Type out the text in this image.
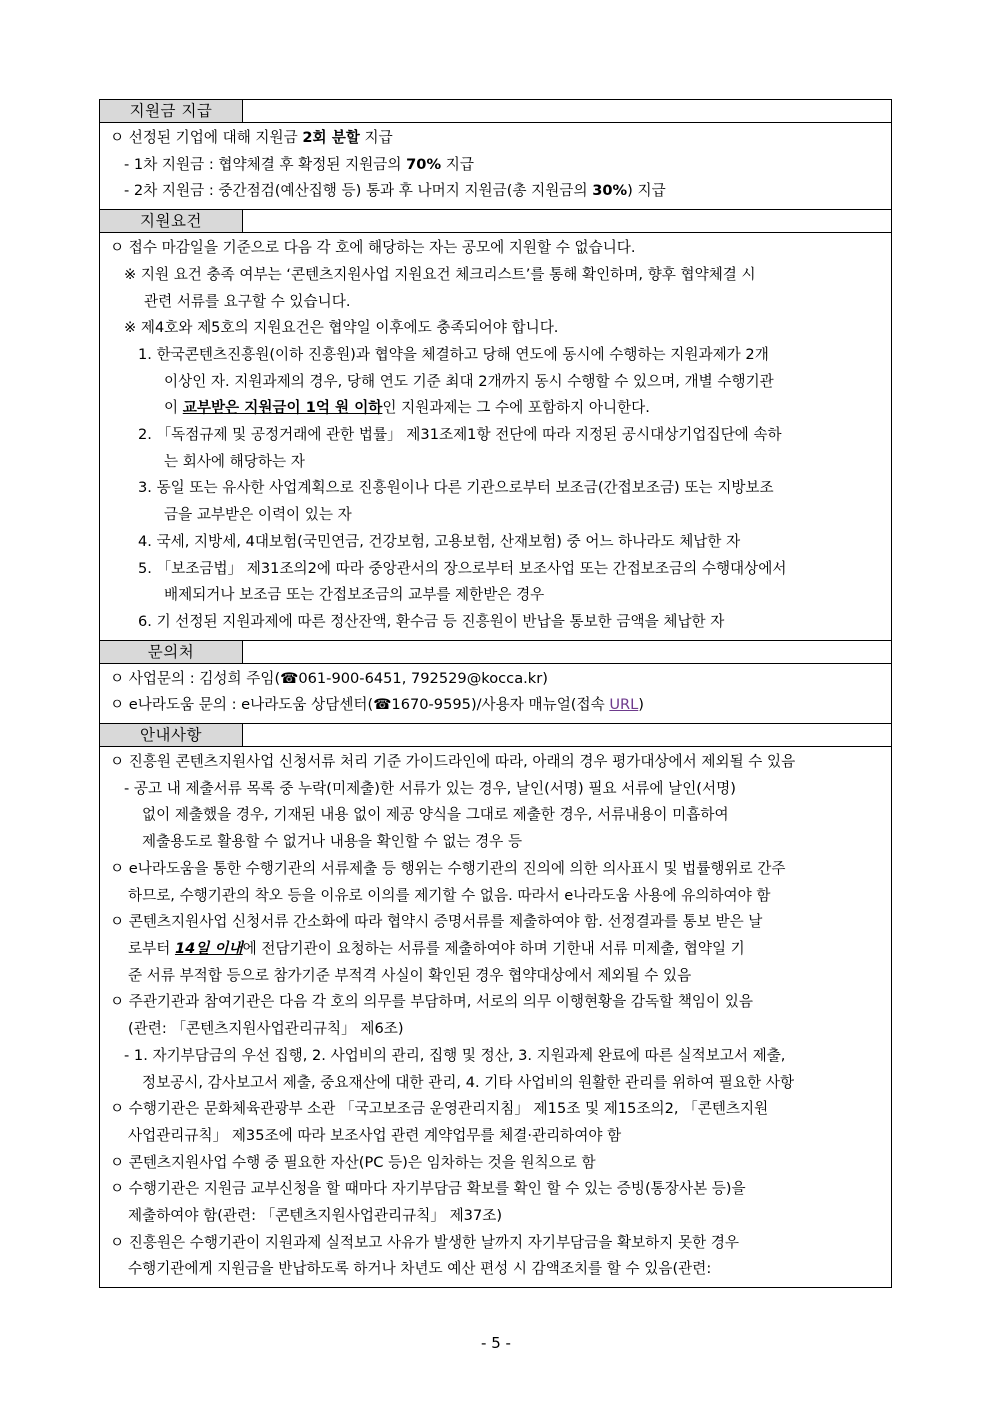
지원금 지급
ㅇ 선정된 기업에 대해 지원금 2회 분할 지급
- 1차 지원금 : 협약체결 후 확정된 지원금의 70% 지급
- 2차 지원금 : 중간점검(예산집행 등) 통과 후 나머지 지원금(총 지원금의 30%) 지급
지원요건
ㅇ 접수 마감일을 기준으로 다음 각 호에 해당하는 자는 공모에 지원할 수 없습니다.
※ 지원 요건 충족 여부는 ‘콘텐츠지원사업 지원요건 체크리스트’를 통해 확인하며, 향후 협약체결 시
관련 서류를 요구할 수 있습니다.
※ 제4호와 제5호의 지원요건은 협약일 이후에도 충족되어야 합니다.
1. 한국콘텐츠진흥원(이하 진흥원)과 협약을 체결하고 당해 연도에 동시에 수행하는 지원과제가 2개
이상인 자. 지원과제의 경우, 당해 연도 기준 최대 2개까지 동시 수행할 수 있으며, 개별 수행기관
이 교부받은 지원금이 1억 원 이하인 지원과제는 그 수에 포함하지 아니한다.
2. 「독점규제 및 공정거래에 관한 법률」 제31조제1항 전단에 따라 지정된 공시대상기업집단에 속하
는 회사에 해당하는 자
3. 동일 또는 유사한 사업계획으로 진흥원이나 다른 기관으로부터 보조금(간접보조금) 또는 지방보조
금을 교부받은 이력이 있는 자
4. 국세, 지방세, 4대보험(국민연금, 건강보험, 고용보험, 산재보험) 중 어느 하나라도 체납한 자
5. 「보조금법」 제31조의2에 따라 중앙관서의 장으로부터 보조사업 또는 간접보조금의 수행대상에서
배제되거나 보조금 또는 간접보조금의 교부를 제한받은 경우
6. 기 선정된 지원과제에 따른 정산잔액, 환수금 등 진흥원이 반납을 통보한 금액을 체납한 자
문의처
ㅇ 사업문의 : 김성희 주임(☎061-900-6451, 792529@kocca.kr)
ㅇ e나라도움 문의 : e나라도움 상담센터(☎1670-9595)/사용자 매뉴얼(접속 URL)
안내사항
ㅇ 진흥원 콘텐츠지원사업 신청서류 처리 기준 가이드라인에 따라, 아래의 경우 평가대상에서 제외될 수 있음
- 공고 내 제출서류 목록 중 누락(미제출)한 서류가 있는 경우, 날인(서명) 필요 서류에 날인(서명)
없이 제출했을 경우, 기재된 내용 없이 제공 양식을 그대로 제출한 경우, 서류내용이 미흡하여
제출용도로 활용할 수 없거나 내용을 확인할 수 없는 경우 등
ㅇ e나라도움을 통한 수행기관의 서류제출 등 행위는 수행기관의 진의에 의한 의사표시 및 법률행위로 간주
하므로, 수행기관의 착오 등을 이유로 이의를 제기할 수 없음. 따라서 e나라도움 사용에 유의하여야 함
ㅇ 콘텐츠지원사업 신청서류 간소화에 따라 협약시 증명서류를 제출하여야 함. 선정결과를 통보 받은 날
로부터 14일 이내에 전담기관이 요청하는 서류를 제출하여야 하며 기한내 서류 미제출, 협약일 기
준 서류 부적합 등으로 참가기준 부적격 사실이 확인된 경우 협약대상에서 제외될 수 있음
ㅇ 주관기관과 참여기관은 다음 각 호의 의무를 부담하며, 서로의 의무 이행현황을 감독할 책임이 있음
(관련: 「콘텐츠지원사업관리규칙」 제6조)
- 1. 자기부담금의 우선 집행, 2. 사업비의 관리, 집행 및 정산, 3. 지원과제 완료에 따른 실적보고서 제출,
정보공시, 감사보고서 제출, 중요재산에 대한 관리, 4. 기타 사업비의 원활한 관리를 위하여 필요한 사항
ㅇ 수행기관은 문화체육관광부 소관 「국고보조금 운영관리지침」 제15조 및 제15조의2, 「콘텐츠지원
사업관리규칙」 제35조에 따라 보조사업 관련 계약업무를 체결·관리하여야 함
ㅇ 콘텐츠지원사업 수행 중 필요한 자산(PC 등)은 임차하는 것을 원칙으로 함
ㅇ 수행기관은 지원금 교부신청을 할 때마다 자기부담금 확보를 확인 할 수 있는 증빙(통장사본 등)을
제출하여야 함(관련: 「콘텐츠지원사업관리규칙」 제37조)
ㅇ 진흥원은 수행기관이 지원과제 실적보고 사유가 발생한 날까지 자기부담금을 확보하지 못한 경우
수행기관에게 지원금을 반납하도록 하거나 차년도 예산 편성 시 감액조치를 할 수 있음(관련:
- 5 -
